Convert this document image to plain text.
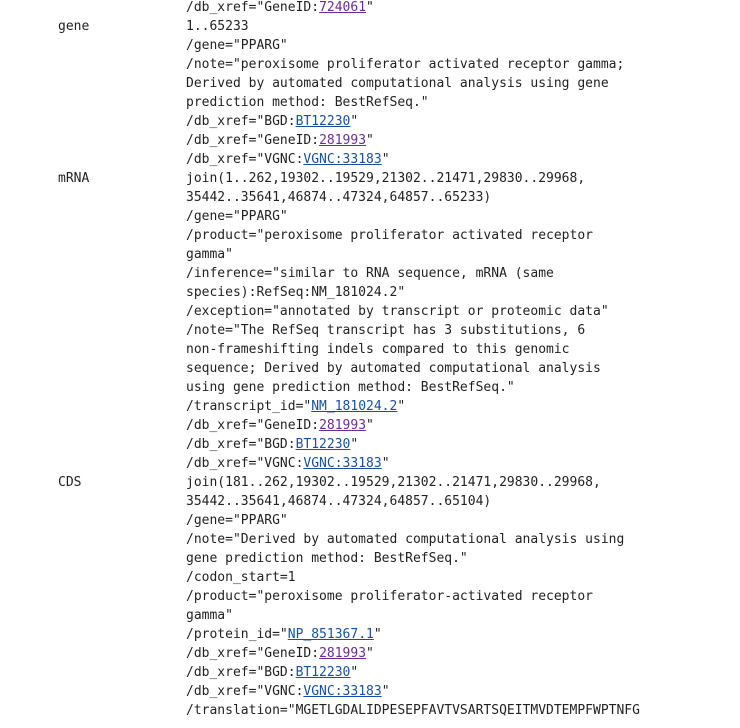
/db_xref="GeneID:724061"
gene	1..65233
/gene="PPARG"
/note="peroxisome proliferator activated receptor gamma;
Derived by automated computational analysis using gene
prediction method: BestRefSeq."
/db_xref="BGD:BT12230"
/db_xref="GeneID:281993"
/db_xref="VGNC:VGNC:33183"
mRNA	join(1..262,19302..19529,21302..21471,29830..29968,
35442..35641,46874..47324,64857..65233)
/gene="PPARG"
/product="peroxisome proliferator activated receptor
gamma"
/inference="similar to RNA sequence, mRNA (same
species):RefSeq:NM_181024.2"
/exception="annotated by transcript or proteomic data"
/note="The RefSeq transcript has 3 substitutions, 6
non-frameshifting indels compared to this genomic
sequence; Derived by automated computational analysis
using gene prediction method: BestRefSeq."
/transcript_id="NM_181024.2"
/db_xref="GeneID:281993"
/db_xref="BGD:BT12230"
/db_xref="VGNC:VGNC:33183"
CDS	join(181..262,19302..19529,21302..21471,29830..29968,
35442..35641,46874..47324,64857..65104)
/gene="PPARG"
/note="Derived by automated computational analysis using
gene prediction method: BestRefSeq."
/codon_start=1
/product="peroxisome proliferator-activated receptor
gamma"
/protein_id="NP_851367.1"
/db_xref="GeneID:281993"
/db_xref="BGD:BT12230"
/db_xref="VGNC:VGNC:33183"
/translation="MGETLGDALIDPESEPFAVTVSARTSQEITMVDTEMPFWPTNFG
